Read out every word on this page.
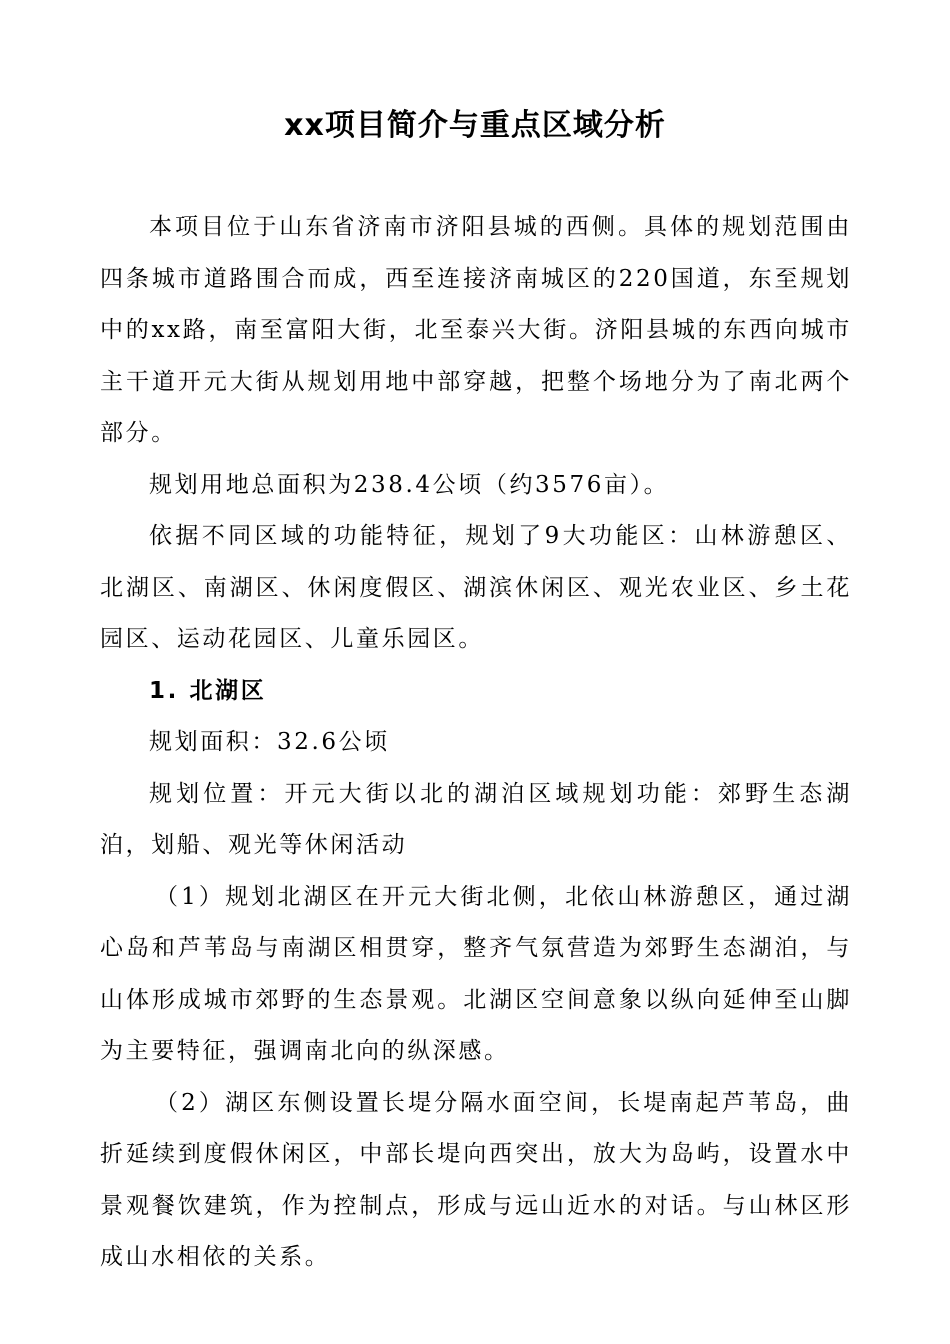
xx项目简介与重点区域分析

本项目位于山东省济南市济阳县城的西侧。具体的规划范围由四条城市道路围合而成，西至连接济南城区的220国道，东至规划中的xx路，南至富阳大街，北至泰兴大街。济阳县城的东西向城市主干道开元大街从规划用地中部穿越，把整个场地分为了南北两个部分。

规划用地总面积为238.4公顷（约3576亩）。

依据不同区域的功能特征，规划了9大功能区：山林游憩区、北湖区、南湖区、休闲度假区、湖滨休闲区、观光农业区、乡土花园区、运动花园区、儿童乐园区。

1. 北湖区

规划面积：32.6公顷

规划位置：开元大街以北的湖泊区域规划功能：郊野生态湖泊，划船、观光等休闲活动

（1）规划北湖区在开元大街北侧，北依山林游憩区，通过湖心岛和芦苇岛与南湖区相贯穿，整齐气氛营造为郊野生态湖泊，与山体形成城市郊野的生态景观。北湖区空间意象以纵向延伸至山脚为主要特征，强调南北向的纵深感。

（2）湖区东侧设置长堤分隔水面空间，长堤南起芦苇岛，曲折延续到度假休闲区，中部长堤向西突出，放大为岛屿，设置水中景观餐饮建筑，作为控制点，形成与远山近水的对话。与山林区形成山水相依的关系。
